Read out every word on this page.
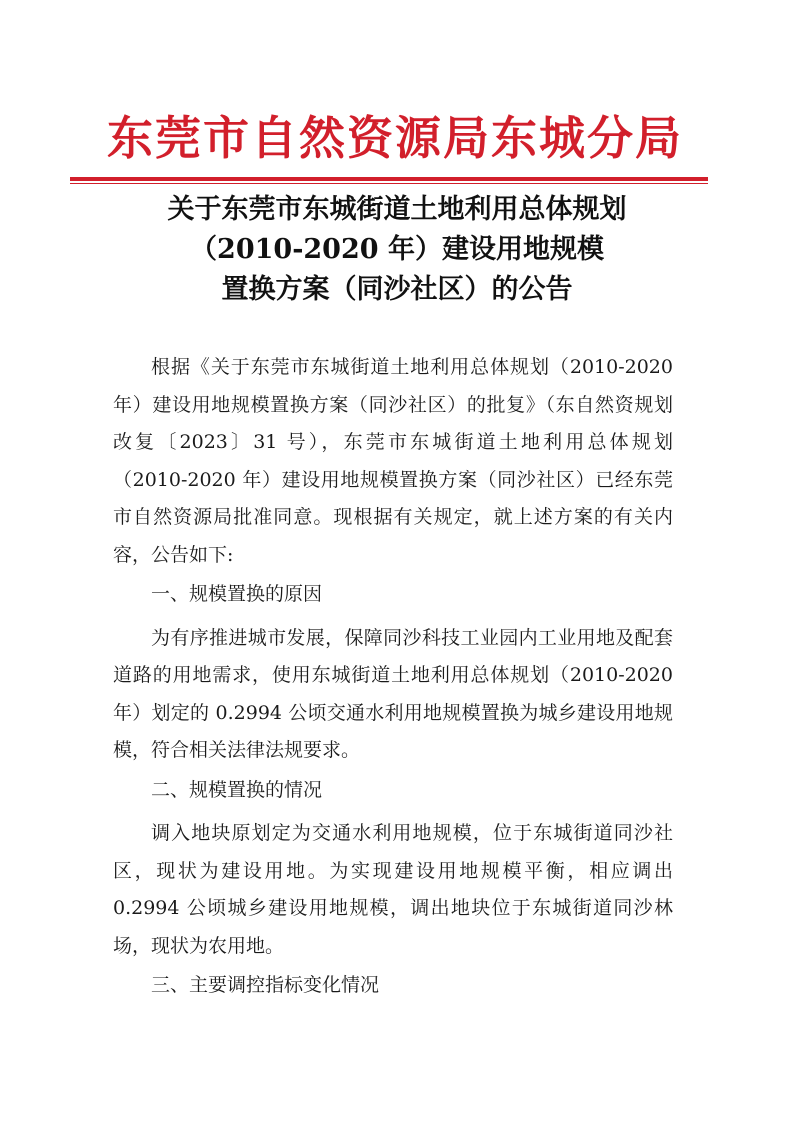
东莞市自然资源局东城分局
关于东莞市东城街道土地利用总体规划
（2010-2020 年）建设用地规模
置换方案（同沙社区）的公告

根据《关于东莞市东城街道土地利用总体规划（2010-2020 年）建设用地规模置换方案（同沙社区）的批复》（东自然资规划改复〔2023〕31 号），东莞市东城街道土地利用总体规划（2010-2020 年）建设用地规模置换方案（同沙社区）已经东莞市自然资源局批准同意。现根据有关规定，就上述方案的有关内容，公告如下:

一、规模置换的原因

为有序推进城市发展，保障同沙科技工业园内工业用地及配套道路的用地需求，使用东城街道土地利用总体规划（2010-2020 年）划定的 0.2994 公顷交通水利用地规模置换为城乡建设用地规模，符合相关法律法规要求。

二、规模置换的情况

调入地块原划定为交通水利用地规模，位于东城街道同沙社区，现状为建设用地。为实现建设用地规模平衡，相应调出 0.2994 公顷城乡建设用地规模，调出地块位于东城街道同沙林场，现状为农用地。

三、主要调控指标变化情况
